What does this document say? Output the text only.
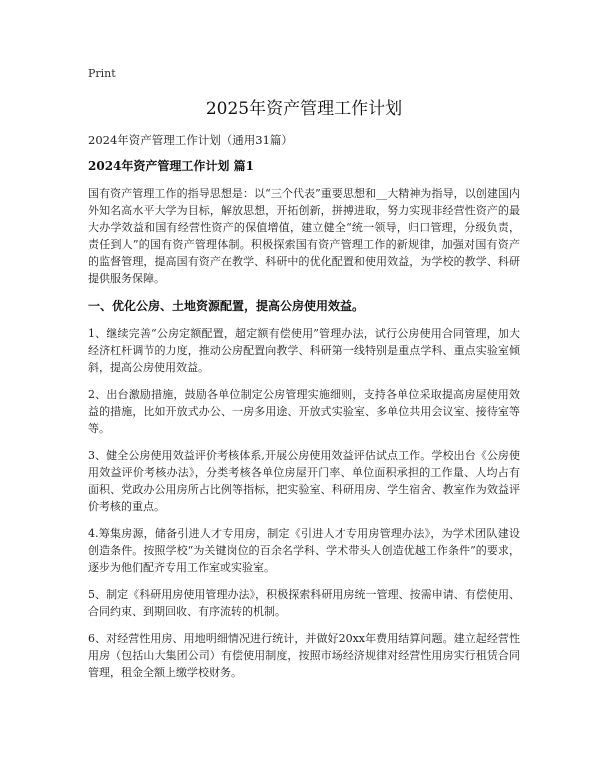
Print
2025年资产管理工作计划

2024年资产管理工作计划（通用31篇）

2024年资产管理工作计划 篇1

国有资产管理工作的指导思想是：以“三个代表”重要思想和__大精神为指导，以创建国内外知名高水平大学为目标，解放思想，开拓创新，拼搏进取，努力实现非经营性资产的最大办学效益和国有经营性资产的保值增值，建立健全“统一领导，归口管理，分级负责，责任到人”的国有资产管理体制。积极探索国有资产管理工作的新规律，加强对国有资产的监督管理，提高国有资产在教学、科研中的优化配置和使用效益，为学校的教学、科研提供服务保障。

一、优化公房、土地资源配置，提高公房使用效益。

1、继续完善“公房定额配置，超定额有偿使用”管理办法，试行公房使用合同管理，加大经济杠杆调节的力度，推动公房配置向教学、科研第一线特别是重点学科、重点实验室倾斜，提高公房使用效益。

2、出台激励措施，鼓励各单位制定公房管理实施细则，支持各单位采取提高房屋使用效益的措施，比如开放式办公、一房多用途、开放式实验室、多单位共用会议室、接待室等等。

3、健全公房使用效益评价考核体系,开展公房使用效益评估试点工作。学校出台《公房使用效益评价考核办法》，分类考核各单位房屋开门率、单位面积承担的工作量、人均占有面积、党政办公用房所占比例等指标，把实验室、科研用房、学生宿舍、教室作为效益评价考核的重点。

4.筹集房源，储备引进人才专用房，制定《引进人才专用房管理办法》，为学术团队建设创造条件。按照学校“为关键岗位的百余名学科、学术带头人创造优越工作条件”的要求，逐步为他们配齐专用工作室或实验室。

5、制定《科研用房使用管理办法》，积极探索科研用房统一管理、按需申请、有偿使用、合同约束、到期回收、有序流转的机制。

6、对经营性用房、用地明细情况进行统计，并做好20xx年费用结算问题。建立起经营性用房（包括山大集团公司）有偿使用制度，按照市场经济规律对经营性用房实行租赁合同管理，租金全额上缴学校财务。
